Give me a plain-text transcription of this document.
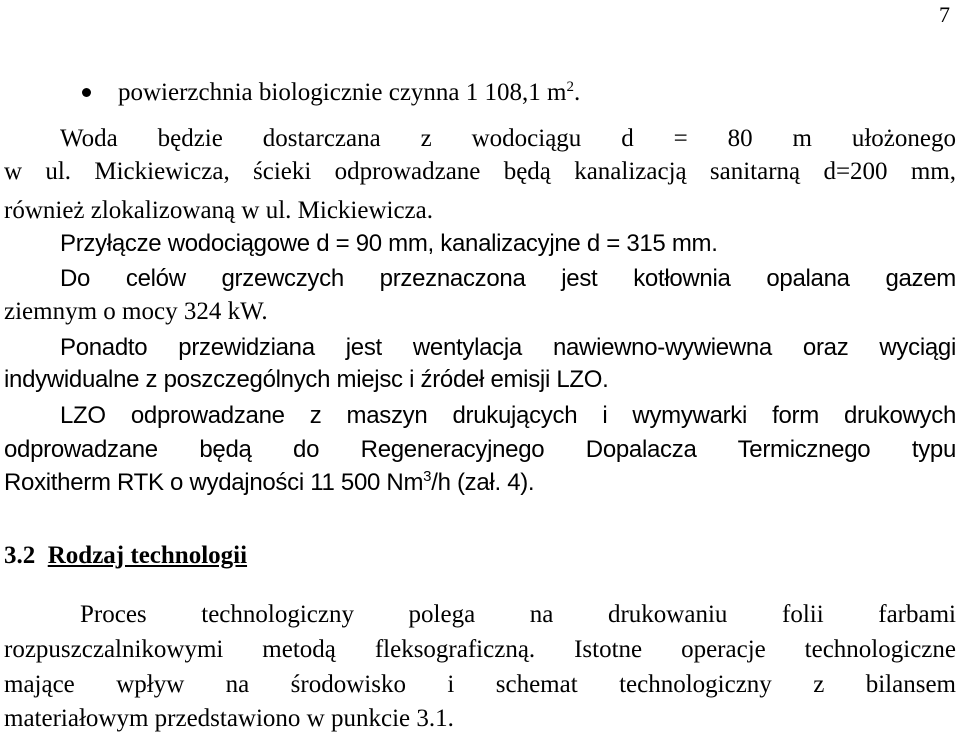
7
powierzchnia biologicznie czynna 1 108,1 $m^2$.
Woda będzie dostarczana z wodociągu d = 80 m ułożonego
w ul. Mickiewicza, ścieki odprowadzane będą kanalizacją sanitarną d=200 mm,
również zlokalizowaną w ul. Mickiewicza.
Przyłącze wodociągowe d = 90 mm, kanalizacyjne d = 315 mm.
Do celów grzewczych przeznaczona jest kotłownia opalana gazem
ziemnym o mocy 324 kW.
Ponadto przewidziana jest wentylacja nawiewno-wywiewna oraz wyciągi
indywidualne z poszczególnych miejsc i źródeł emisji LZO.
LZO odprowadzane z maszyn drukujących i wymywarki form drukowych
odprowadzane będą do Regeneracyjnego Dopalacza Termicznego typu
Roxitherm RTK o wydajności 11 500 Nm$^3$/h (zał. 4).
3.2 Rodzaj technologii
Proces technologiczny polega na drukowaniu folii farbami
rozpuszczalnikowymi metodą fleksograficzną. Istotne operacje technologiczne
mające wpływ na środowisko i schemat technologiczny z bilansem
materiałowym przedstawiono w punkcie 3.1.
